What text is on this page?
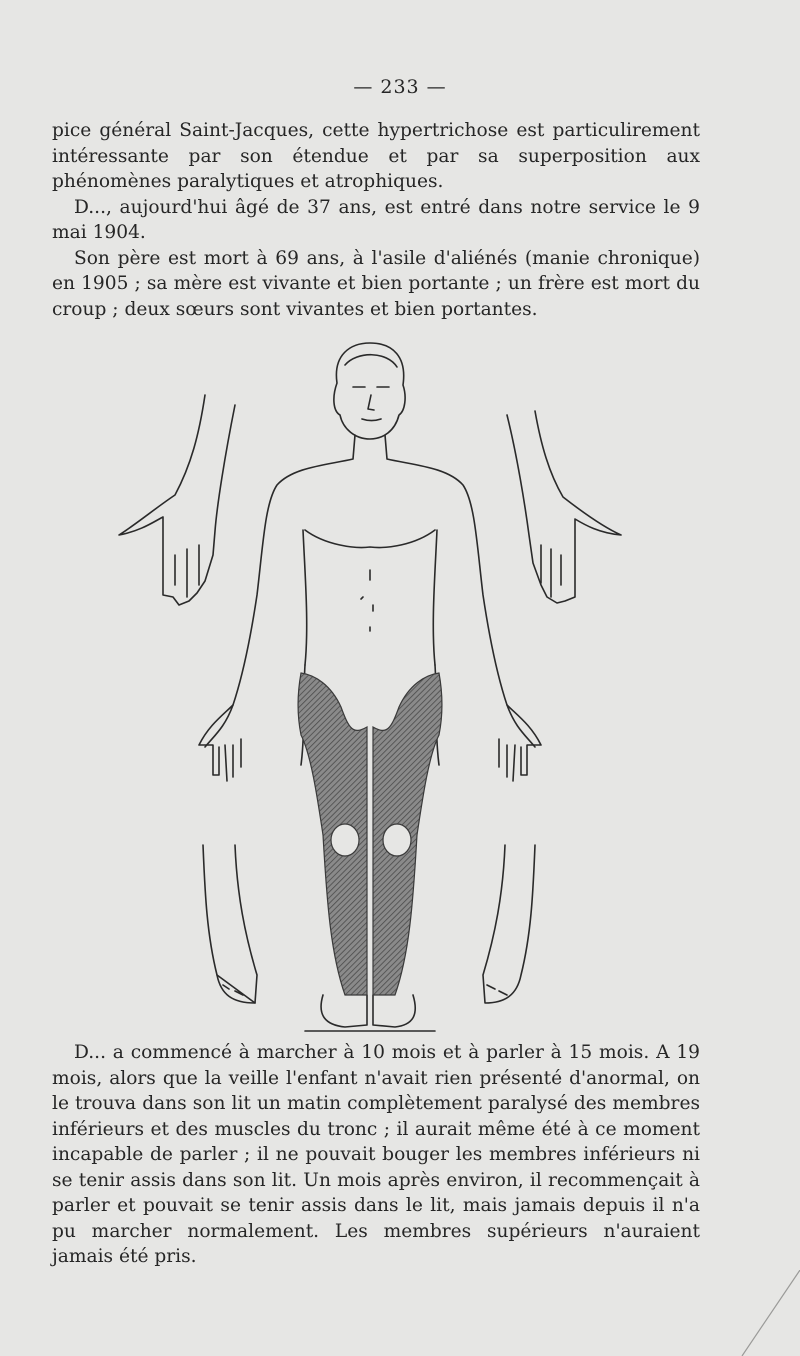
— 233 —

pice général Saint-Jacques, cette hypertrichose est particulirement intéressante par son étendue et par sa superposition aux phénomènes paralytiques et atrophiques.

D..., aujourd'hui âgé de 37 ans, est entré dans notre service le 9 mai 1904.

Son père est mort à 69 ans, à l'asile d'aliénés (manie chronique) en 1905 ; sa mère est vivante et bien portante ; un frère est mort du croup ; deux sœurs sont vivantes et bien portantes.

D... a commencé à marcher à 10 mois et à parler à 15 mois. A 19 mois, alors que la veille l'enfant n'avait rien présenté d'anormal, on le trouva dans son lit un matin complètement paralysé des membres inférieurs et des muscles du tronc ; il aurait même été à ce moment incapable de parler ; il ne pouvait bouger les membres inférieurs ni se tenir assis dans son lit. Un mois après environ, il recommençait à parler et pouvait se tenir assis dans le lit, mais jamais depuis il n'a pu marcher normalement. Les membres supérieurs n'auraient jamais été pris.
